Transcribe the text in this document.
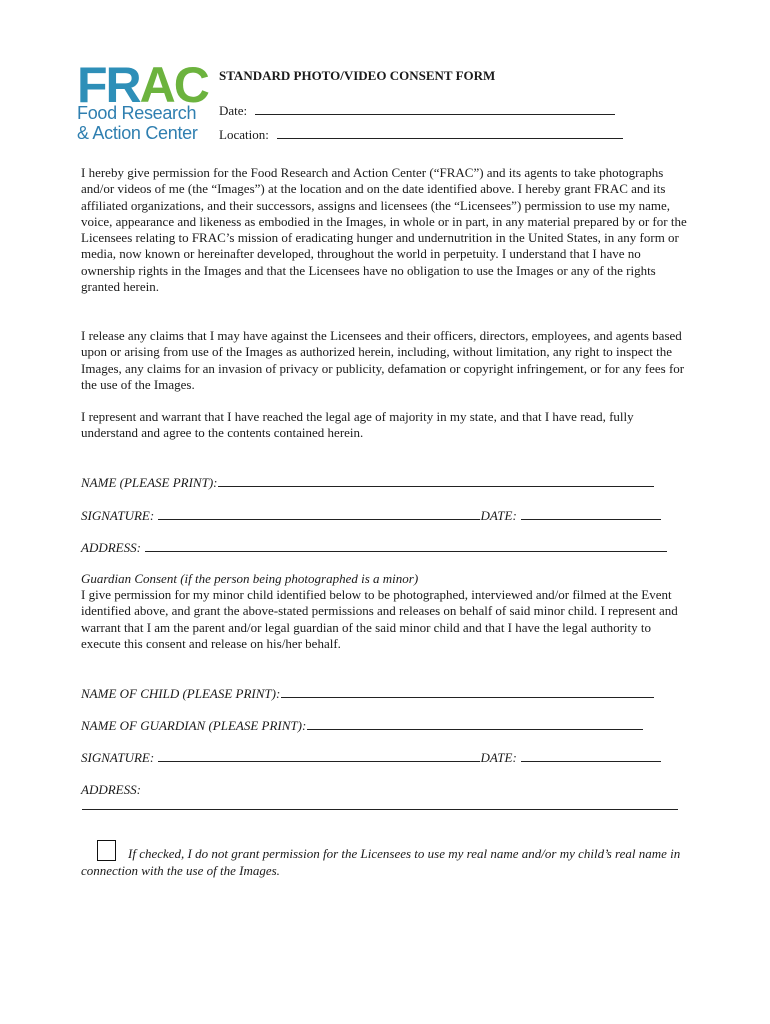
FRAC
Food Research
& Action Center
STANDARD PHOTO/VIDEO CONSENT FORM
Date:
Location:

I hereby give permission for the Food Research and Action Center (“FRAC”) and its agents to take photographs and/or videos of me (the “Images”) at the location and on the date identified above. I hereby grant FRAC and its affiliated organizations, and their successors, assigns and licensees (the “Licensees”) permission to use my name, voice, appearance and likeness as embodied in the Images, in whole or in part, in any material prepared by or for the Licensees relating to FRAC’s mission of eradicating hunger and undernutrition in the United States, in any form or media, now known or hereinafter developed, throughout the world in perpetuity. I understand that I have no ownership rights in the Images and that the Licensees have no obligation to use the Images or any of the rights granted herein.

I release any claims that I may have against the Licensees and their officers, directors, employees, and agents based upon or arising from use of the Images as authorized herein, including, without limitation, any right to inspect the Images, any claims for an invasion of privacy or publicity, defamation or copyright infringement, or for any fees for the use of the Images.

I represent and warrant that I have reached the legal age of majority in my state, and that I have read, fully understand and agree to the contents contained herein.

NAME (PLEASE PRINT):
SIGNATURE:	DATE:
ADDRESS:
Guardian Consent (if the person being photographed is a minor)

I give permission for my minor child identified below to be photographed, interviewed and/or filmed at the Event identified above, and grant the above-stated permissions and releases on behalf of said minor child. I represent and warrant that I am the parent and/or legal guardian of the said minor child and that I have the legal authority to execute this consent and release on his/her behalf.

NAME OF CHILD (PLEASE PRINT):
NAME OF GUARDIAN (PLEASE PRINT):
SIGNATURE:	DATE:
ADDRESS:

If checked, I do not grant permission for the Licensees to use my real name and/or my child’s real name in connection with the use of the Images.
